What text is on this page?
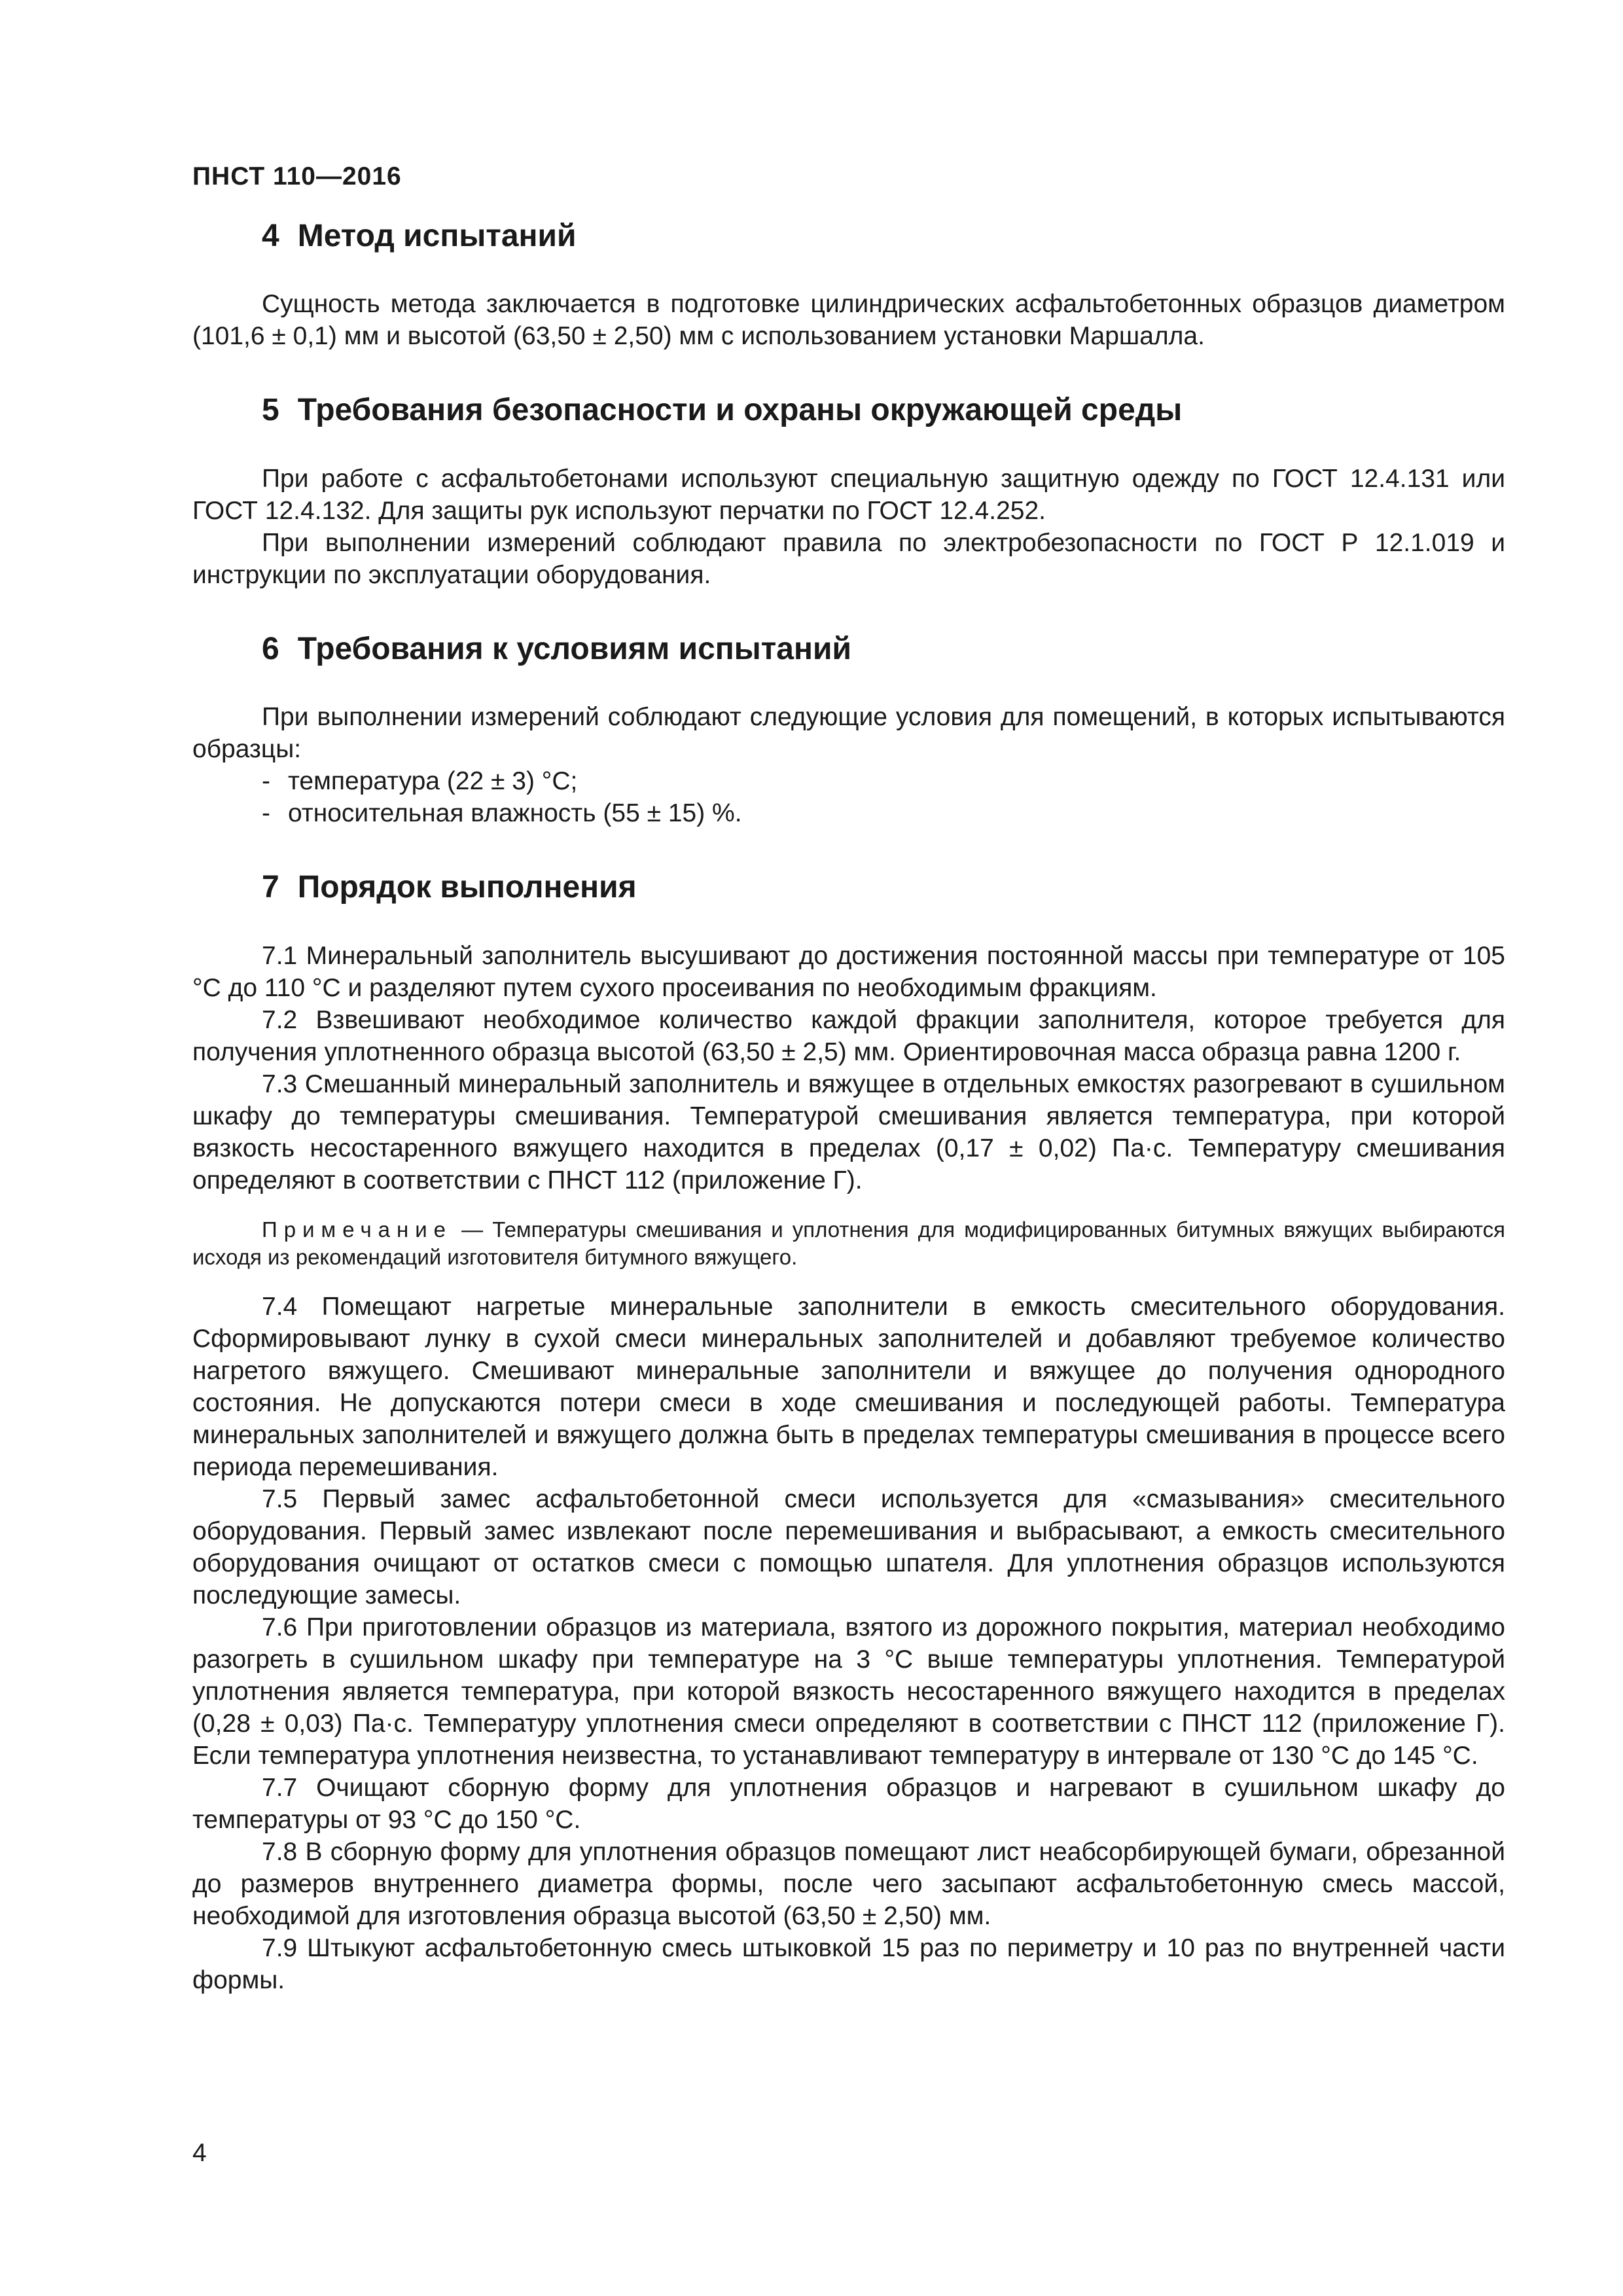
ПНСТ 110—2016
4 Метод испытаний

Сущность метода заключается в подготовке цилиндрических асфальтобетонных образцов диаметром (101,6 ± 0,1) мм и высотой (63,50 ± 2,50) мм с использованием установки Маршалла.

5 Требования безопасности и охраны окружающей среды

При работе с асфальтобетонами используют специальную защитную одежду по ГОСТ 12.4.131 или ГОСТ 12.4.132. Для защиты рук используют перчатки по ГОСТ 12.4.252.

При выполнении измерений соблюдают правила по электробезопасности по ГОСТ Р 12.1.019 и инструкции по эксплуатации оборудования.

6 Требования к условиям испытаний

При выполнении измерений соблюдают следующие условия для помещений, в которых испытываются образцы:

- температура (22 ± 3) °С;
- относительная влажность (55 ± 15) %.
7 Порядок выполнения

7.1 Минеральный заполнитель высушивают до достижения постоянной массы при температуре от 105 °С до 110 °С и разделяют путем сухого просеивания по необходимым фракциям.

7.2 Взвешивают необходимое количество каждой фракции заполнителя, которое требуется для получения уплотненного образца высотой (63,50 ± 2,5) мм. Ориентировочная масса образца равна 1200 г.

7.3 Смешанный минеральный заполнитель и вяжущее в отдельных емкостях разогревают в сушильном шкафу до температуры смешивания. Температурой смешивания является температура, при которой вязкость несостаренного вяжущего находится в пределах (0,17 ± 0,02) Па·с. Температуру смешивания определяют в соответствии с ПНСТ 112 (приложение Г).

Примечание — Температуры смешивания и уплотнения для модифицированных битумных вяжущих выбираются исходя из рекомендаций изготовителя битумного вяжущего.

7.4 Помещают нагретые минеральные заполнители в емкость смесительного оборудования. Сформировывают лунку в сухой смеси минеральных заполнителей и добавляют требуемое количество нагретого вяжущего. Смешивают минеральные заполнители и вяжущее до получения однородного состояния. Не допускаются потери смеси в ходе смешивания и последующей работы. Температура минеральных заполнителей и вяжущего должна быть в пределах температуры смешивания в процессе всего периода перемешивания.

7.5 Первый замес асфальтобетонной смеси используется для «смазывания» смесительного оборудования. Первый замес извлекают после перемешивания и выбрасывают, а емкость смесительного оборудования очищают от остатков смеси с помощью шпателя. Для уплотнения образцов используются последующие замесы.

7.6 При приготовлении образцов из материала, взятого из дорожного покрытия, материал необходимо разогреть в сушильном шкафу при температуре на 3 °С выше температуры уплотнения. Температурой уплотнения является температура, при которой вязкость несостаренного вяжущего находится в пределах (0,28 ± 0,03) Па·с. Температуру уплотнения смеси определяют в соответствии с ПНСТ 112 (приложение Г). Если температура уплотнения неизвестна, то устанавливают температуру в интервале от 130 °С до 145 °С.

7.7 Очищают сборную форму для уплотнения образцов и нагревают в сушильном шкафу до температуры от 93 °С до 150 °С.

7.8 В сборную форму для уплотнения образцов помещают лист неабсорбирующей бумаги, обрезанной до размеров внутреннего диаметра формы, после чего засыпают асфальтобетонную смесь массой, необходимой для изготовления образца высотой (63,50 ± 2,50) мм.

7.9 Штыкуют асфальтобетонную смесь штыковкой 15 раз по периметру и 10 раз по внутренней части формы.

4
